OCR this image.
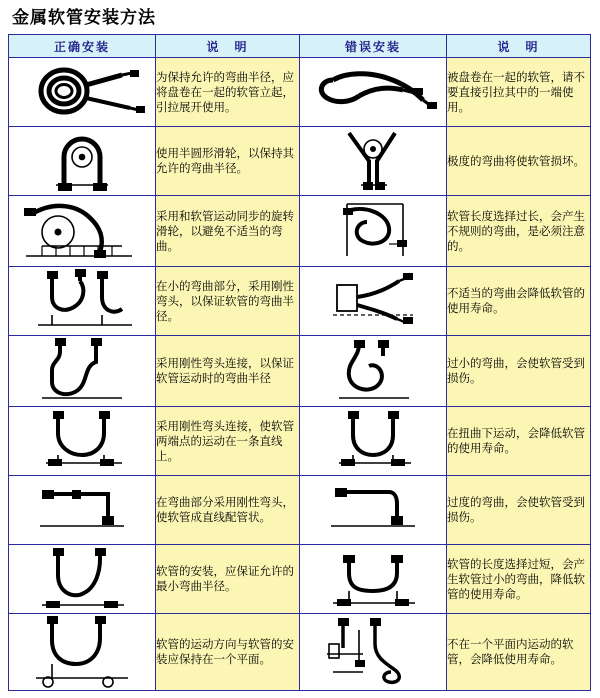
金属软管安装方法
正确安装	说　明	错误安装	说　明

	为保持允许的弯曲半径，应将盘卷在一起的软管立起，引拉展开使用。		被盘卷在一起的软管，请不要直接引拉其中的一端使用。

	使用半圆形滑轮，以保持其允许的弯曲半径。		极度的弯曲将使软管损坏。

	采用和软管运动同步的旋转滑轮，以避免不适当的弯曲。		软管长度选择过长，会产生不规则的弯曲，是必须注意的。

	在小的弯曲部分，采用刚性弯头，以保证软管的弯曲半径。		不适当的弯曲会降低软管的使用寿命。

	采用刚性弯头连接，以保证软管运动时的弯曲半径		过小的弯曲，会使软管受到损伤。

	采用刚性弯头连接，使软管两端点的运动在一条直线上。		在扭曲下运动，会降低软管的使用寿命。

	在弯曲部分采用刚性弯头，使软管成直线配管状。		过度的弯曲，会使软管受到损伤。

	软管的安装，应保证允许的最小弯曲半径。		软管的长度选择过短，会产生软管过小的弯曲，降低软管的使用寿命。

	软管的运动方向与软管的安装应保持在一个平面。		不在一个平面内运动的软管，会降低使用寿命。
